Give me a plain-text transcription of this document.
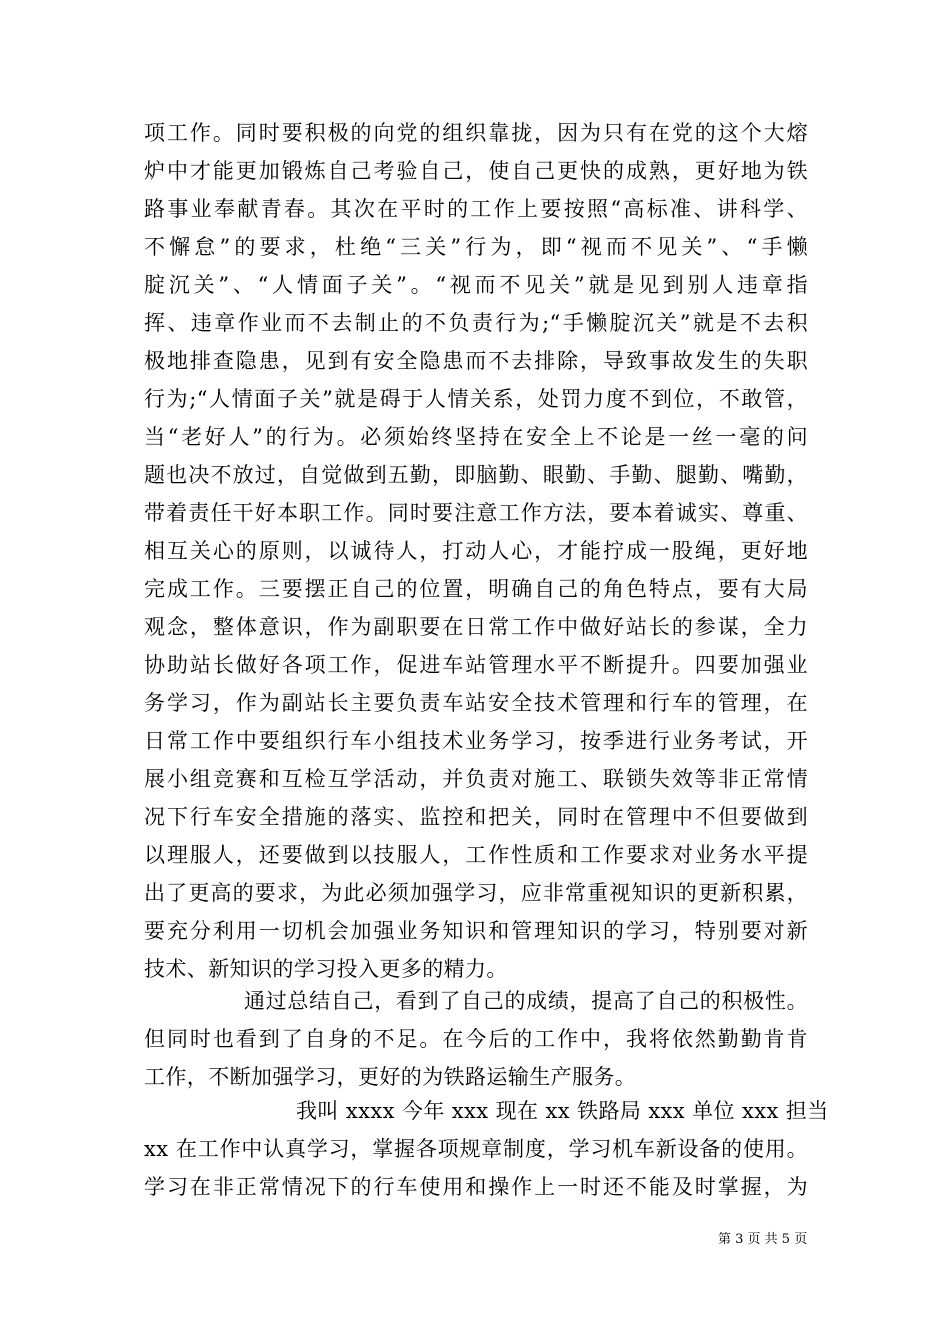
项工作。同时要积极的向党的组织靠拢，因为只有在党的这个大熔
炉中才能更加锻炼自己考验自己，使自己更快的成熟，更好地为铁
路事业奉献青春。其次在平时的工作上要按照“高标准、讲科学、
不懈怠”的要求，杜绝“三关”行为，即“视而不见关”、“手懒
腚沉关”、“人情面子关”。“视而不见关”就是见到别人违章指
挥、违章作业而不去制止的不负责行为;“手懒腚沉关”就是不去积
极地排查隐患，见到有安全隐患而不去排除，导致事故发生的失职
行为;“人情面子关”就是碍于人情关系，处罚力度不到位，不敢管，
当“老好人”的行为。必须始终坚持在安全上不论是一丝一毫的问
题也决不放过，自觉做到五勤，即脑勤、眼勤、手勤、腿勤、嘴勤，
带着责任干好本职工作。同时要注意工作方法，要本着诚实、尊重、
相互关心的原则，以诚待人，打动人心，才能拧成一股绳，更好地
完成工作。三要摆正自己的位置，明确自己的角色特点，要有大局
观念，整体意识，作为副职要在日常工作中做好站长的参谋，全力
协助站长做好各项工作，促进车站管理水平不断提升。四要加强业
务学习，作为副站长主要负责车站安全技术管理和行车的管理，在
日常工作中要组织行车小组技术业务学习，按季进行业务考试，开
展小组竞赛和互检互学活动，并负责对施工、联锁失效等非正常情
况下行车安全措施的落实、监控和把关，同时在管理中不但要做到
以理服人，还要做到以技服人，工作性质和工作要求对业务水平提
出了更高的要求，为此必须加强学习，应非常重视知识的更新积累，
要充分利用一切机会加强业务知识和管理知识的学习，特别要对新
技术、新知识的学习投入更多的精力。
通过总结自己，看到了自己的成绩，提高了自己的积极性。
但同时也看到了自身的不足。在今后的工作中，我将依然勤勤肯肯
工作，不断加强学习，更好的为铁路运输生产服务。
我叫 xxxx 今年 xxx 现在 xx 铁路局 xxx 单位 xxx 担当
xx 在工作中认真学习，掌握各项规章制度，学习机车新设备的使用。
学习在非正常情况下的行车使用和操作上一时还不能及时掌握，为
第 3 页 共 5 页
